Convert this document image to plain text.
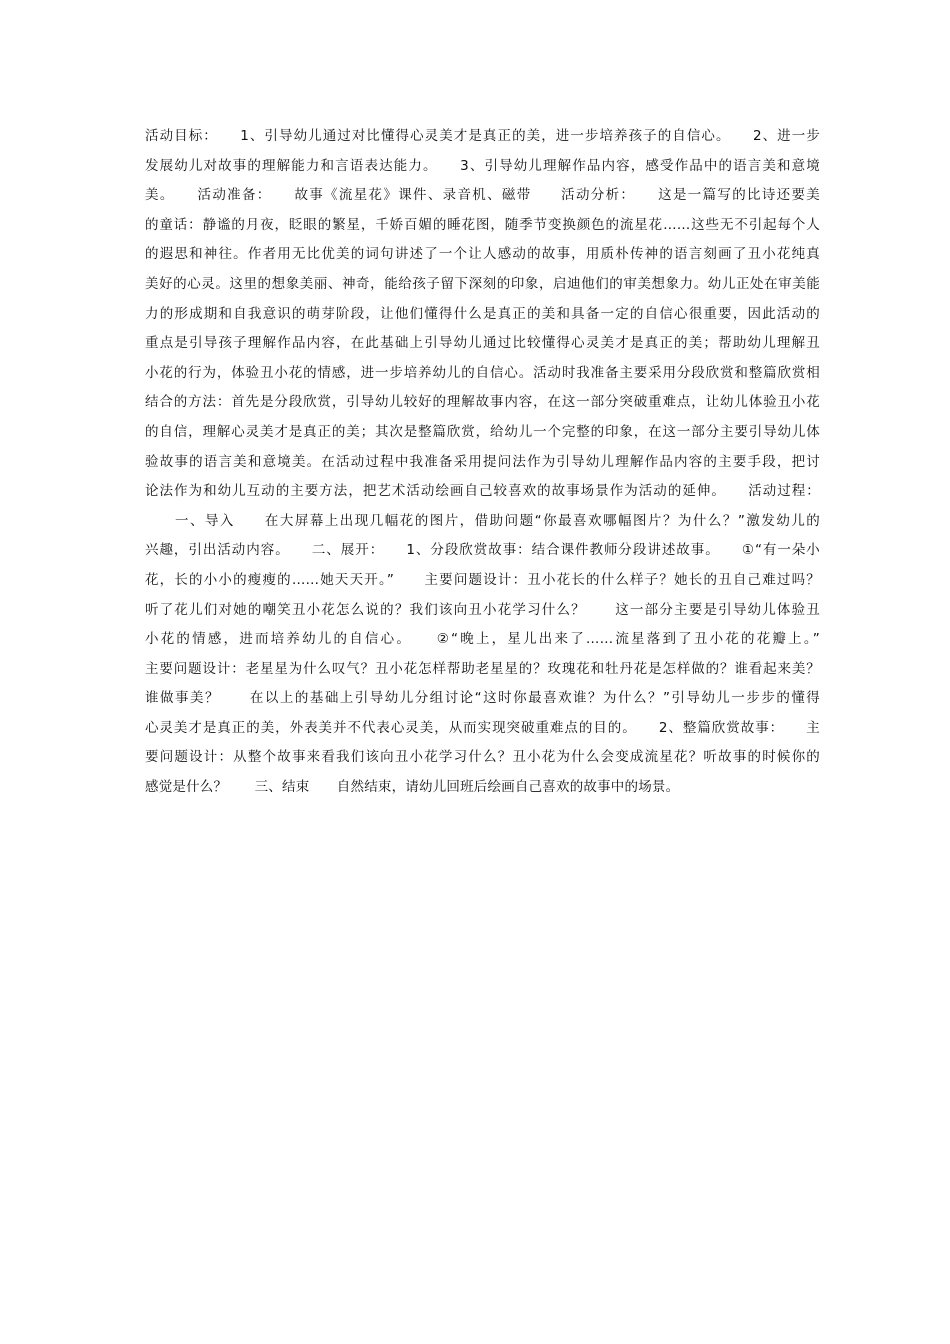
活动目标：　　1、引导幼儿通过对比懂得心灵美才是真正的美，进一步培养孩子的自信心。　　2、进一步
发展幼儿对故事的理解能力和言语表达能力。　　3、引导幼儿理解作品内容，感受作品中的语言美和意境
美。　　活动准备：　　故事《流星花》课件、录音机、磁带　　活动分析：　　这是一篇写的比诗还要美
的童话：静谧的月夜，眨眼的繁星，千娇百媚的睡花图，随季节变换颜色的流星花……这些无不引起每个人
的遐思和神往。作者用无比优美的词句讲述了一个让人感动的故事，用质朴传神的语言刻画了丑小花纯真
美好的心灵。这里的想象美丽、神奇，能给孩子留下深刻的印象，启迪他们的审美想象力。幼儿正处在审美能
力的形成期和自我意识的萌芽阶段，让他们懂得什么是真正的美和具备一定的自信心很重要，因此活动的
重点是引导孩子理解作品内容，在此基础上引导幼儿通过比较懂得心灵美才是真正的美；帮助幼儿理解丑
小花的行为，体验丑小花的情感，进一步培养幼儿的自信心。活动时我准备主要采用分段欣赏和整篇欣赏相
结合的方法：首先是分段欣赏，引导幼儿较好的理解故事内容，在这一部分突破重难点，让幼儿体验丑小花
的自信，理解心灵美才是真正的美；其次是整篇欣赏，给幼儿一个完整的印象，在这一部分主要引导幼儿体
验故事的语言美和意境美。在活动过程中我准备采用提问法作为引导幼儿理解作品内容的主要手段，把讨
论法作为和幼儿互动的主要方法，把艺术活动绘画自己较喜欢的故事场景作为活动的延伸。　　活动过程：
　　一、导入　　在大屏幕上出现几幅花的图片，借助问题“你最喜欢哪幅图片？为什么？”激发幼儿的
兴趣，引出活动内容。　　二、展开：　　1、分段欣赏故事：结合课件教师分段讲述故事。　　①“有一朵小
花，长的小小的瘦瘦的……她天天开。”　　主要问题设计：丑小花长的什么样子？她长的丑自己难过吗？
听了花儿们对她的嘲笑丑小花怎么说的？我们该向丑小花学习什么？　　这一部分主要是引导幼儿体验丑
小花的情感，进而培养幼儿的自信心。　　②“晚上，星儿出来了……流星落到了丑小花的花瓣上。”
主要问题设计：老星星为什么叹气？丑小花怎样帮助老星星的？玫瑰花和牡丹花是怎样做的？谁看起来美？
谁做事美？　　在以上的基础上引导幼儿分组讨论“这时你最喜欢谁？为什么？”引导幼儿一步步的懂得
心灵美才是真正的美，外表美并不代表心灵美，从而实现突破重难点的目的。　　2、整篇欣赏故事：　　主
要问题设计：从整个故事来看我们该向丑小花学习什么？丑小花为什么会变成流星花？听故事的时候你的
感觉是什么？　　三、结束　　自然结束，请幼儿回班后绘画自己喜欢的故事中的场景。
